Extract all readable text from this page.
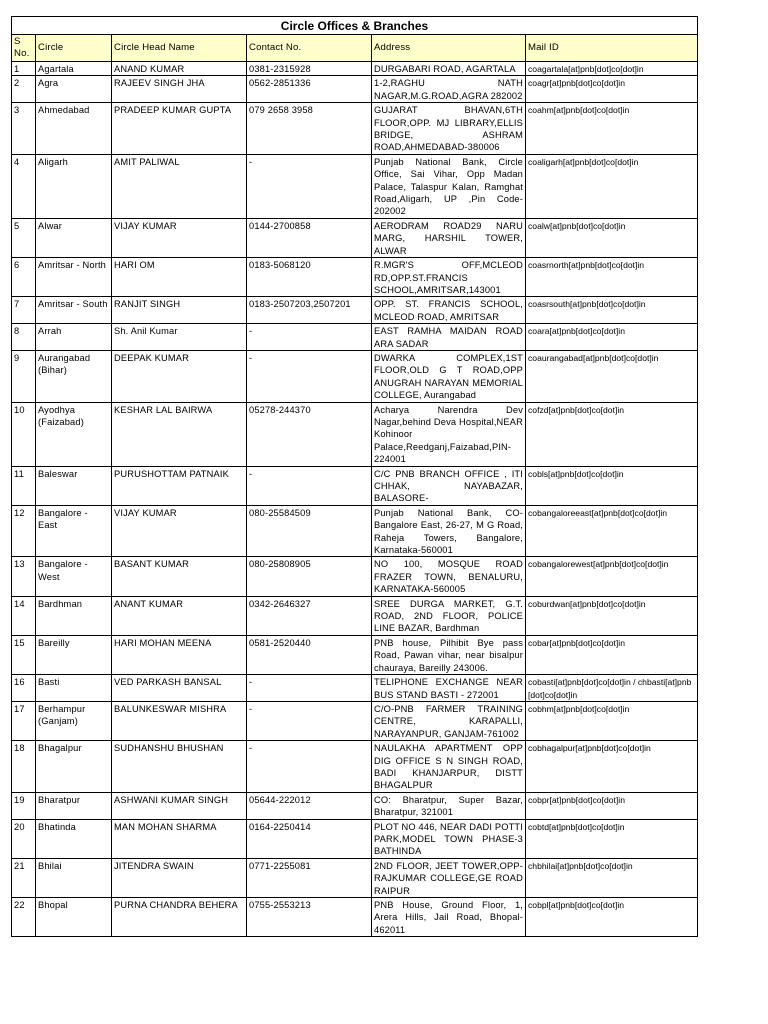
Circle Offices & Branches					
S No.	Circle	Circle Head Name	Contact No.	Address	Mail ID
1	Agartala	ANAND KUMAR	0381-2315928	DURGABARI ROAD, AGARTALA	coagartala[at]pnb[dot]co[dot]in
2	Agra	RAJEEV SINGH JHA	0562-2851336	1-2,RAGHU NATH NAGAR,M.G.ROAD,AGRA 282002	coagr[at]pnb[dot]co[dot]in
3	Ahmedabad	PRADEEP KUMAR GUPTA	079 2658 3958	GUJARAT BHAVAN,6TH FLOOR,OPP. MJ LIBRARY,ELLIS BRIDGE, ASHRAM ROAD,AHMEDABAD-380006	coahm[at]pnb[dot]co[dot]in
4	Aligarh	AMIT PALIWAL	-	Punjab National Bank, Circle Office, Sai Vihar, Opp Madan Palace, Talaspur Kalan, Ramghat Road,Aligarh, UP ,Pin Code-202002	coaligarh[at]pnb[dot]co[dot]in
5	Alwar	VIJAY KUMAR	0144-2700858	AERODRAM ROAD29 NARU MARG, HARSHIL TOWER, ALWAR	coalw[at]pnb[dot]co[dot]in
6	Amritsar - North	HARI OM	0183-5068120	R.MGR'S OFF,MCLEOD RD,OPP.ST.FRANCIS SCHOOL,AMRITSAR,143001	coasrnorth[at]pnb[dot]co[dot]in
7	Amritsar - South	RANJIT SINGH	0183-2507203,2507201	OPP. ST. FRANCIS SCHOOL, MCLEOD ROAD, AMRITSAR	coasrsouth[at]pnb[dot]co[dot]in
8	Arrah	Sh. Anil Kumar	-	EAST RAMHA MAIDAN ROAD ARA SADAR	coara[at]pnb[dot]co[dot]in
9	Aurangabad (Bihar)	DEEPAK KUMAR	-	DWARKA COMPLEX,1ST FLOOR,OLD G T ROAD,OPP ANUGRAH NARAYAN MEMORIAL COLLEGE, Aurangabad	coaurangabad[at]pnb[dot]co[dot]in
10	Ayodhya (Faizabad)	KESHAR LAL BAIRWA	05278-244370	Acharya Narendra Dev Nagar,behind Deva Hospital,NEAR Kohinoor Palace,Reedganj,Faizabad,PIN-224001	cofzd[at]pnb[dot]co[dot]in
11	Baleswar	PURUSHOTTAM PATNAIK	-	C/C PNB BRANCH OFFICE , ITI CHHAK, NAYABAZAR, BALASORE-	cobls[at]pnb[dot]co[dot]in
12	Bangalore - East	VIJAY KUMAR	080-25584509	Punjab National Bank, CO-Bangalore East, 26-27, M G Road, Raheja Towers, Bangalore, Karnataka-560001	cobangaloreeast[at]pnb[dot]co[dot]in
13	Bangalore - West	BASANT KUMAR	080-25808905	NO 100, MOSQUE ROAD FRAZER TOWN, BENALURU, KARNATAKA-560005	cobangalorewest[at]pnb[dot]co[dot]in
14	Bardhman	ANANT KUMAR	0342-2646327	SREE DURGA MARKET, G.T. ROAD, 2ND FLOOR, POLICE LINE BAZAR, Bardhman	coburdwan[at]pnb[dot]co[dot]in
15	Bareilly	HARI MOHAN MEENA	0581-2520440	PNB house, Pilhibit Bye pass Road, Pawan vihar, near bisalpur chauraya, Bareilly 243006.	cobar[at]pnb[dot]co[dot]in
16	Basti	VED PARKASH BANSAL	-	TELIPHONE EXCHANGE NEAR BUS STAND BASTI - 272001	cobasti[at]pnb[dot]co[dot]in / chbasti[at]pnb[dot]co[dot]in
17	Berhampur (Ganjam)	BALUNKESWAR MISHRA	-	C/O-PNB FARMER TRAINING CENTRE, KARAPALLI, NARAYANPUR, GANJAM-761002	cobhm[at]pnb[dot]co[dot]in
18	Bhagalpur	SUDHANSHU BHUSHAN	-	NAULAKHA APARTMENT OPP DIG OFFICE S N SINGH ROAD, BADI KHANJARPUR, DISTT BHAGALPUR	cobhagalpur[at]pnb[dot]co[dot]in
19	Bharatpur	ASHWANI KUMAR SINGH	05644-222012	CO: Bharatpur, Super Bazar, Bharatpur, 321001	cobpr[at]pnb[dot]co[dot]in
20	Bhatinda	MAN MOHAN SHARMA	0164-2250414	PLOT NO 446, NEAR DADI POTTI PARK,MODEL TOWN PHASE-3 BATHINDA	cobtd[at]pnb[dot]co[dot]in
21	Bhilai	JITENDRA SWAIN	0771-2255081	2ND FLOOR, JEET TOWER,OPP-RAJKUMAR COLLEGE,GE ROAD RAIPUR	chbhilai[at]pnb[dot]co[dot]in
22	Bhopal	PURNA CHANDRA BEHERA	0755-2553213	PNB House, Ground Floor, 1, Arera Hills, Jail Road, Bhopal-462011	cobpl[at]pnb[dot]co[dot]in
